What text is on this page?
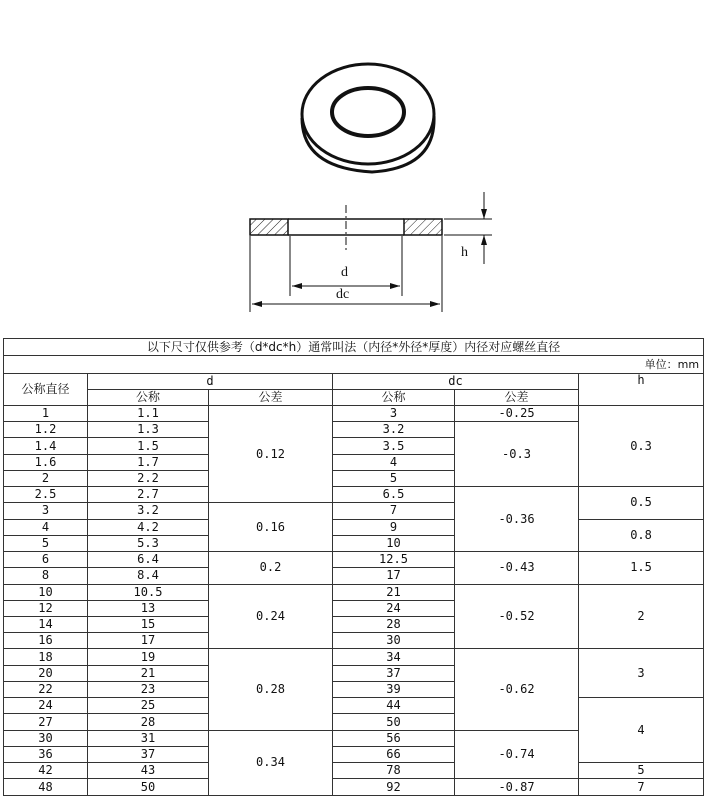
d
dc
h
以下尺寸仅供参考（d*dc*h）通常叫法（内径*外径*厚度）内径对应螺丝直径					
单位：mm					
公称直径	d		dc		h
	公称	公差	公称	公差	
1	1.1	0.12	3	-0.25	0.3
1.2	1.3		3.2	-0.3	
1.4	1.5		3.5		
1.6	1.7		4		
2	2.2		5		
2.5	2.7		6.5	-0.36	0.5
3	3.2	0.16	7		
4	4.2		9		0.8
5	5.3		10		
6	6.4	0.2	12.5	-0.43	1.5
8	8.4		17		
10	10.5	0.24	21	-0.52	2
12	13		24		
14	15		28		
16	17		30		
18	19	0.28	34	-0.62	3
20	21		37		
22	23		39		
24	25		44		4
27	28		50		
30	31	0.34	56	-0.74	
36	37		66		
42	43		78		5
48	50		92	-0.87	7
